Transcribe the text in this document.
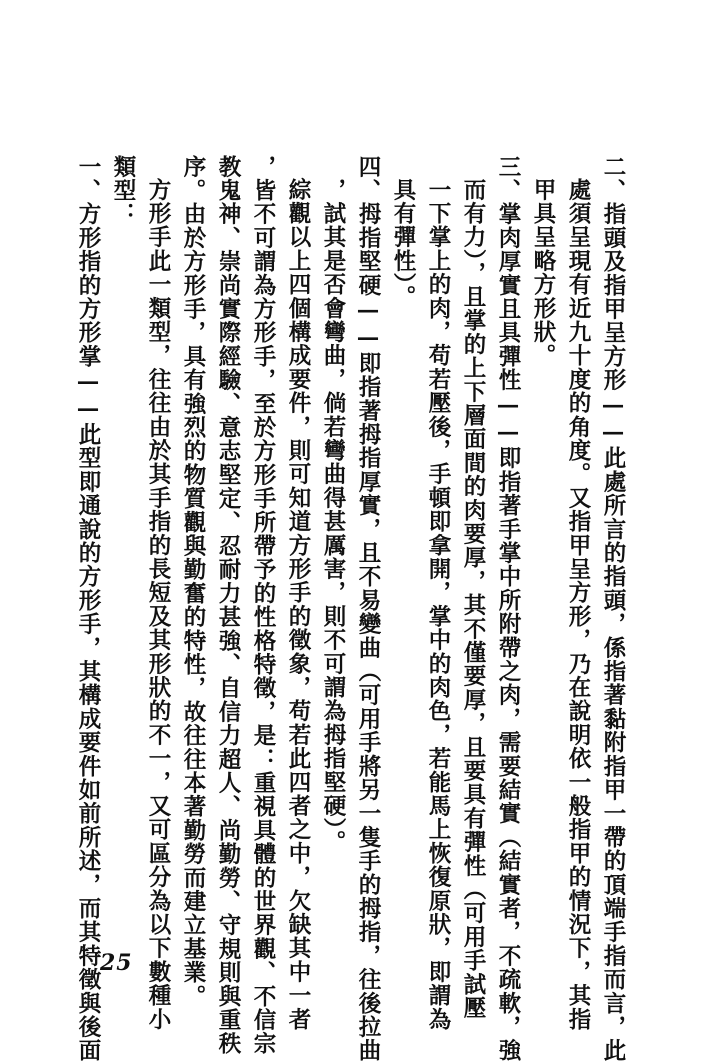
二、指頭及指甲呈方形——此處所言的指頭，係指著黏附指甲一帶的頂端手指而言，此
處須呈現有近九十度的角度。又指甲呈方形，乃在說明依一般指甲的情況下，其指
甲具呈略方形狀。
三、掌肉厚實且具彈性——即指著手掌中所附帶之肉，需要結實（結實者，不疏軟，強
而有力），且掌的上下層面間的肉要厚，其不僅要厚，且要具有彈性（可用手試壓
一下掌上的肉，苟若壓後，手頓即拿開，掌中的肉色，若能馬上恢復原狀，即謂為
具有彈性）。
四、拇指堅硬——即指著拇指厚實，且不易變曲（可用手將另一隻手的拇指，往後拉曲
，試其是否會彎曲，倘若彎曲得甚厲害，則不可謂為拇指堅硬）。
綜觀以上四個構成要件，則可知道方形手的徵象，苟若此四者之中，欠缺其中一者
，皆不可謂為方形手，至於方形手所帶予的性格特徵，是：重視具體的世界觀、不信宗
教鬼神、崇尚實際經驗、意志堅定、忍耐力甚強、自信力超人、尚勤勞、守規則與重秩
序。由於方形手，具有強烈的物質觀與勤奮的特性，故往往本著勤勞而建立基業。
方形手此一類型，往往由於其手指的長短及其形狀的不一，又可區分為以下數種小
類型：
一、方形指的方形掌——此型即通說的方形手，其構成要件如前所述，而其特徵與後面 25
